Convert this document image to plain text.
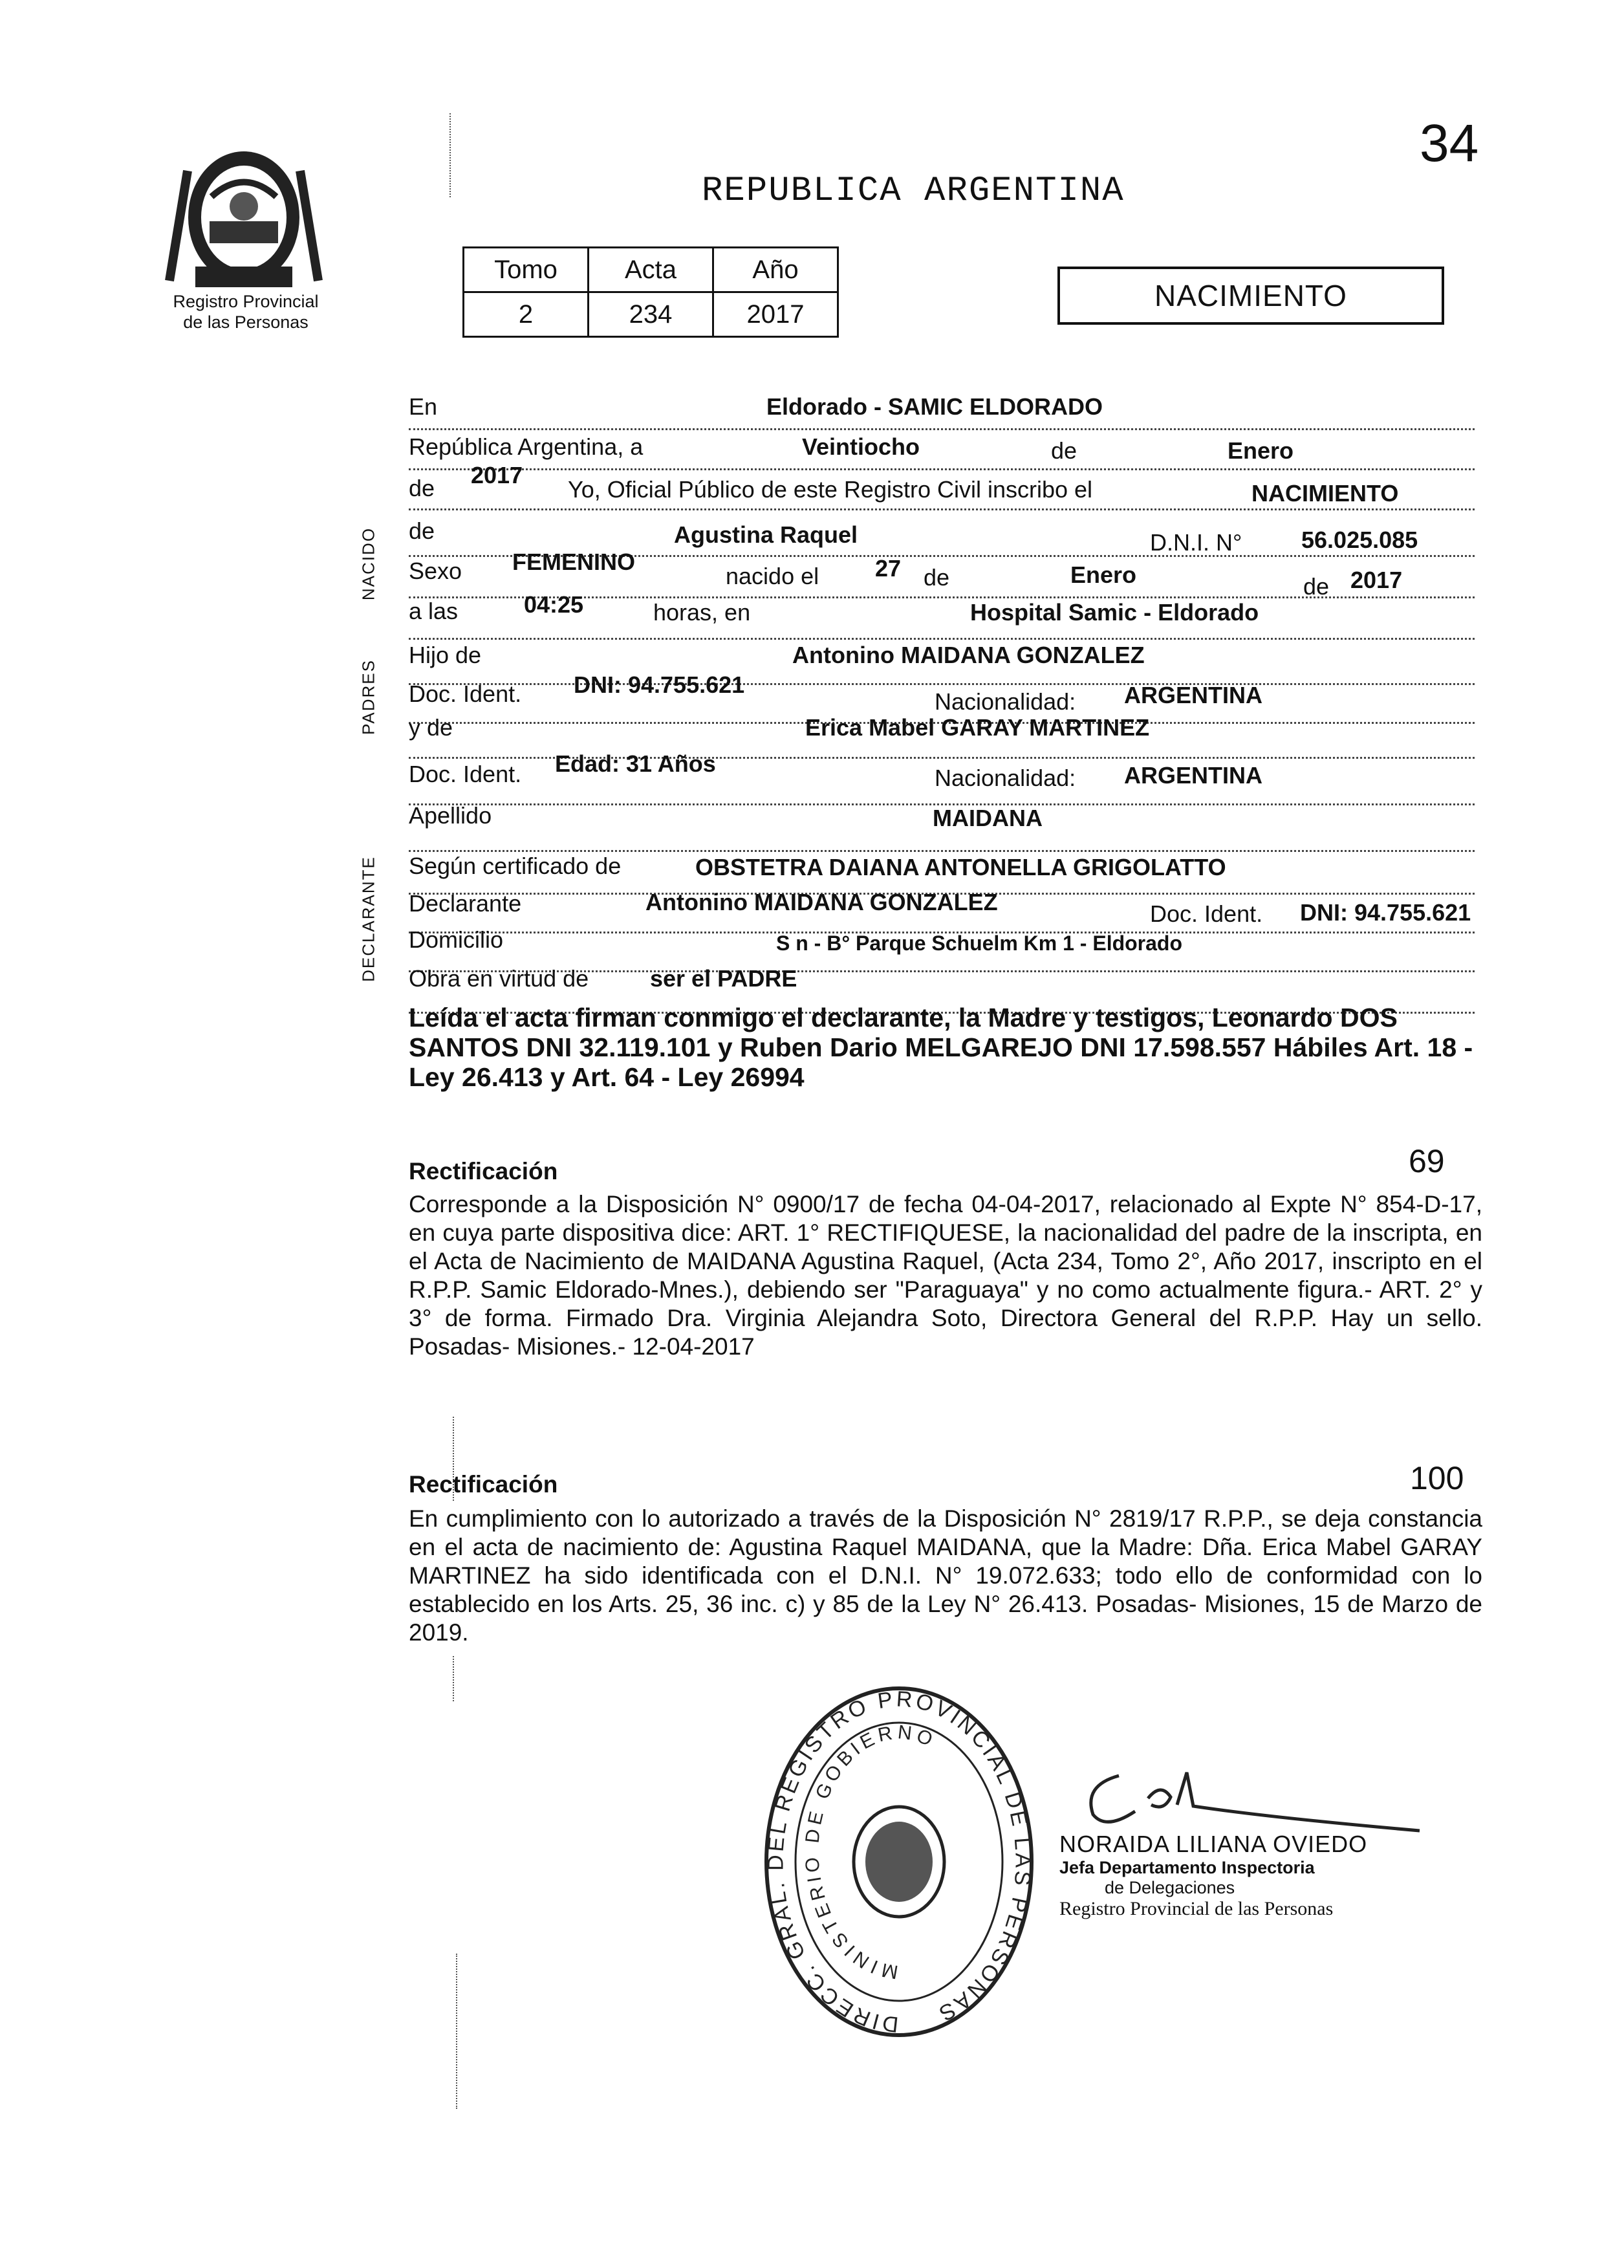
34
Registro Provincial
de las Personas
REPUBLICA ARGENTINA
Tomo	Acta	Año
2	234	2017
NACIMIENTO
NACIDO
PADRES
DECLARANTE
En	Eldorado - SAMIC ELDORADO
República Argentina, a	Veintiocho	de	Enero
de 2017
Yo, Oficial Público de este Registro Civil inscribo el	NACIMIENTO
de	Agustina Raquel	D.N.I. N°	56.025.085
Sexo FEMENINO
nacido el 27 de	Enero	de 2017
a las	04:25	horas, en	Hospital Samic - Eldorado
Hijo de	Antonino MAIDANA GONZALEZ
Doc. Ident. DNI: 94.755.621
Nacionalidad: ARGENTINA
y de	Erica Mabel GARAY MARTINEZ
Doc. Ident. Edad: 31 Años
Nacionalidad: ARGENTINA
Apellido	MAIDANA
Según certificado de	OBSTETRA DAIANA ANTONELLA GRIGOLATTO
Declarante	Antonino MAIDANA GONZALEZ	Doc. Ident. DNI: 94.755.621
Domicilio	S n - B° Parque Schuelm Km 1 - Eldorado
Obra en virtud de	ser el PADRE
Leída el acta firman conmigo el declarante, la Madre y testigos, Leonardo DOS SANTOS DNI 32.119.101 y Ruben Dario MELGAREJO DNI 17.598.557 Hábiles Art. 18 - Ley 26.413 y Art. 64 - Ley 26994
Rectificación	69
Corresponde a la Disposición N° 0900/17 de fecha 04-04-2017, relacionado al Expte N° 854-D-17, en cuya parte dispositiva dice: ART. 1° RECTIFIQUESE, la nacionalidad del padre de la inscripta, en el Acta de Nacimiento de MAIDANA Agustina Raquel, (Acta 234, Tomo 2°, Año 2017, inscripto en el R.P.P. Samic Eldorado-Mnes.), debiendo ser "Paraguaya" y no como actualmente figura.- ART. 2° y 3° de forma. Firmado Dra. Virginia Alejandra Soto, Directora General del R.P.P. Hay un sello. Posadas- Misiones.- 12-04-2017
Rectificación	100
En cumplimiento con lo autorizado a través de la Disposición N° 2819/17 R.P.P., se deja constancia en el acta de nacimiento de: Agustina Raquel MAIDANA, que la Madre: Dña. Erica Mabel GARAY MARTINEZ ha sido identificada con el D.N.I. N° 19.072.633; todo ello de conformidad con lo establecido en los Arts. 25, 36 inc. c) y 85 de la Ley N° 26.413. Posadas- Misiones, 15 de Marzo de 2019.
DIRECC. GRAL. DEL REGISTRO PROVINCIAL DE LAS PERSONAS
MINISTERIO DE GOBIERNO
NORAIDA LILIANA OVIEDO
Jefa Departamento Inspectoria
de Delegaciones
Registro Provincial de las Personas
